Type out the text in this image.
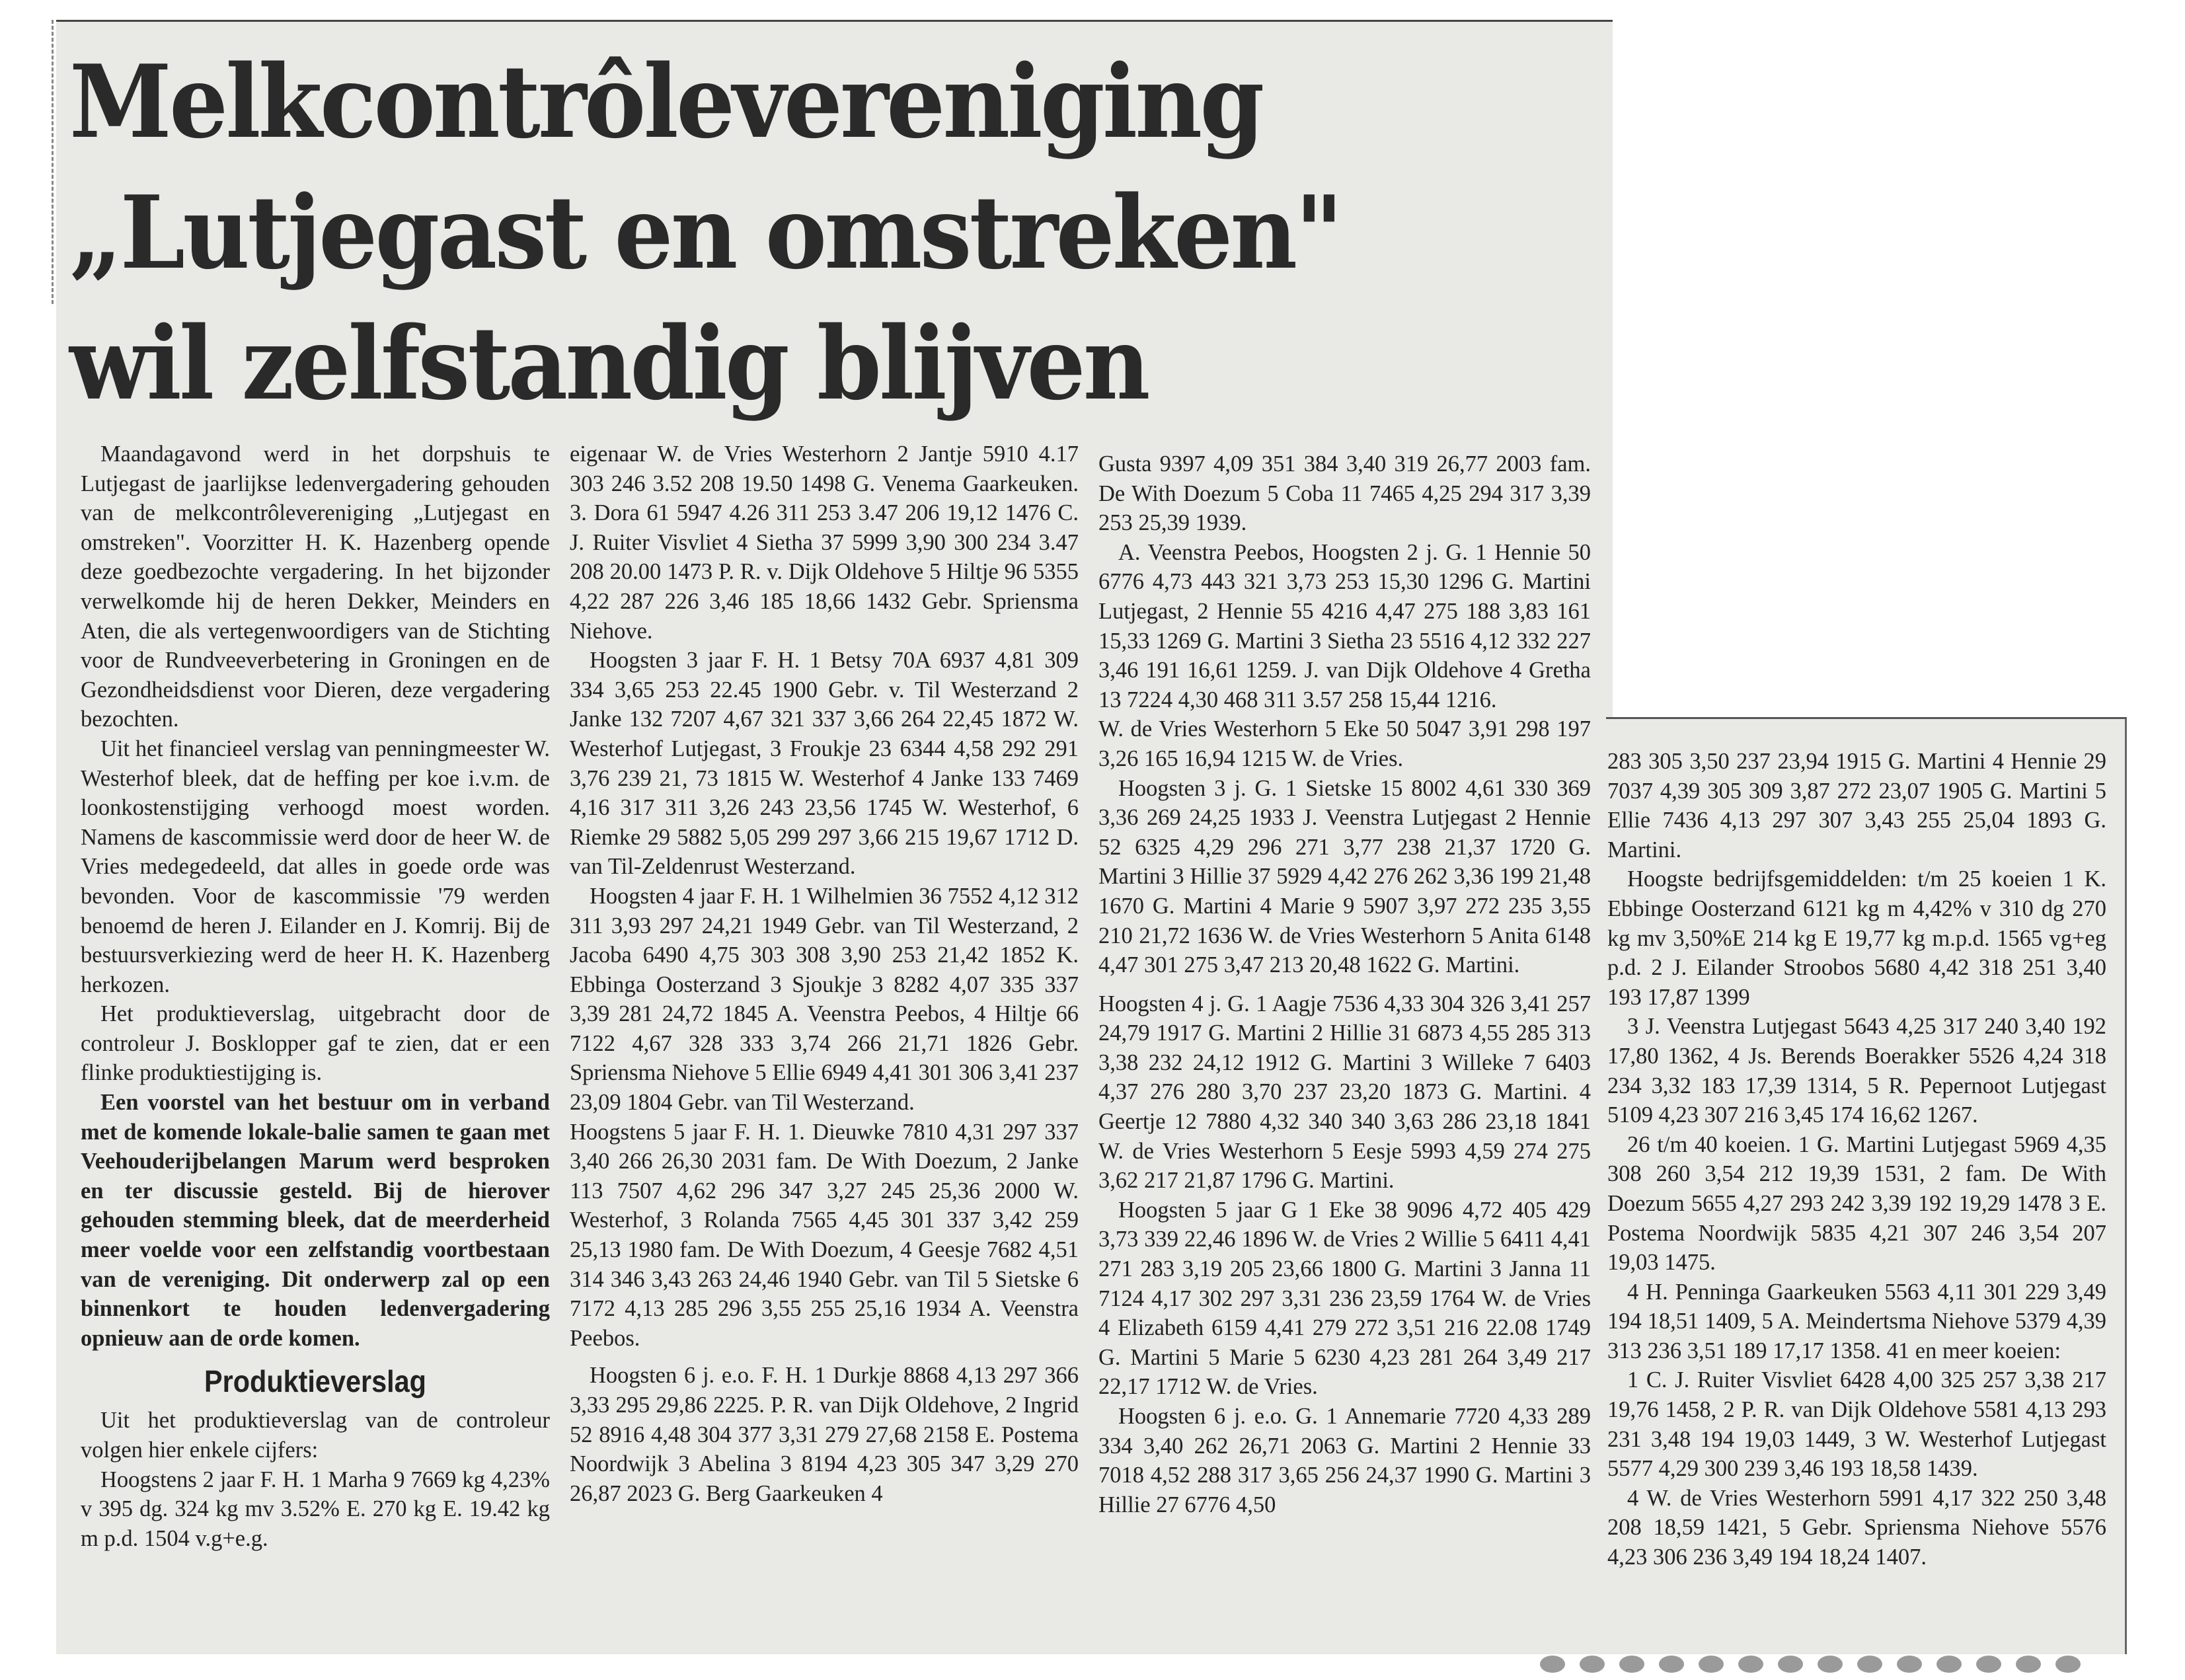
Melkcontrôlevereniging
„Lutjegast en omstreken"
wil zelfstandig blijven

Maandagavond werd in het dorpshuis te Lutjegast de jaarlijkse ledenvergadering gehouden van de melkcontrôlevereniging „Lutjegast en omstreken". Voorzitter H. K. Hazenberg opende deze goedbezochte vergadering. In het bijzonder verwelkomde hij de heren Dekker, Meinders en Aten, die als vertegenwoordigers van de Stichting voor de Rundveeverbetering in Groningen en de Gezondheidsdienst voor Dieren, deze vergadering bezochten.

Uit het financieel verslag van penningmeester W. Westerhof bleek, dat de heffing per koe i.v.m. de loonkostenstijging verhoogd moest worden. Namens de kascommissie werd door de heer W. de Vries medegedeeld, dat alles in goede orde was bevonden. Voor de kascommissie '79 werden benoemd de heren J. Eilander en J. Komrij. Bij de bestuursverkiezing werd de heer H. K. Hazenberg herkozen.

Het produktieverslag, uitgebracht door de controleur J. Bosklopper gaf te zien, dat er een flinke produktiestijging is.

Een voorstel van het bestuur om in verband met de komende lokale-balie samen te gaan met Veehouderijbelangen Marum werd besproken en ter discussie gesteld. Bij de hierover gehouden stemming bleek, dat de meerderheid meer voelde voor een zelfstandig voortbestaan van de vereniging. Dit onderwerp zal op een binnenkort te houden ledenvergadering opnieuw aan de orde komen.

Produktieverslag

Uit het produktieverslag van de controleur volgen hier enkele cijfers:

Hoogstens 2 jaar F. H. 1 Marha 9 7669 kg 4,23% v 395 dg. 324 kg mv 3.52% E. 270 kg E. 19.42 kg m p.d. 1504 v.g+e.g.

eigenaar W. de Vries Westerhorn 2 Jantje 5910 4.17 303 246 3.52 208 19.50 1498 G. Venema Gaarkeuken. 3. Dora 61 5947 4.26 311 253 3.47 206 19,12 1476 C. J. Ruiter Visvliet 4 Sietha 37 5999 3,90 300 234 3.47 208 20.00 1473 P. R. v. Dijk Oldehove 5 Hiltje 96 5355 4,22 287 226 3,46 185 18,66 1432 Gebr. Spriensma Niehove.

Hoogsten 3 jaar F. H. 1 Betsy 70A 6937 4,81 309 334 3,65 253 22.45 1900 Gebr. v. Til Westerzand 2 Janke 132 7207 4,67 321 337 3,66 264 22,45 1872 W. Westerhof Lutjegast, 3 Froukje 23 6344 4,58 292 291 3,76 239 21, 73 1815 W. Westerhof 4 Janke 133 7469 4,16 317 311 3,26 243 23,56 1745 W. Westerhof, 6 Riemke 29 5882 5,05 299 297 3,66 215 19,67 1712 D. van Til-Zeldenrust Westerzand.

Hoogsten 4 jaar F. H. 1 Wilhelmien 36 7552 4,12 312 311 3,93 297 24,21 1949 Gebr. van Til Westerzand, 2 Jacoba 6490 4,75 303 308 3,90 253 21,42 1852 K. Ebbinga Oosterzand 3 Sjoukje 3 8282 4,07 335 337 3,39 281 24,72 1845 A. Veenstra Peebos, 4 Hiltje 66 7122 4,67 328 333 3,74 266 21,71 1826 Gebr. Spriensma Niehove 5 Ellie 6949 4,41 301 306 3,41 237 23,09 1804 Gebr. van Til Westerzand.

Hoogstens 5 jaar F. H. 1. Dieuwke 7810 4,31 297 337 3,40 266 26,30 2031 fam. De With Doezum, 2 Janke 113 7507 4,62 296 347 3,27 245 25,36 2000 W. Westerhof, 3 Rolanda 7565 4,45 301 337 3,42 259 25,13 1980 fam. De With Doezum, 4 Geesje 7682 4,51 314 346 3,43 263 24,46 1940 Gebr. van Til 5 Sietske 6 7172 4,13 285 296 3,55 255 25,16 1934 A. Veenstra Peebos.

Hoogsten 6 j. e.o. F. H. 1 Durkje 8868 4,13 297 366 3,33 295 29,86 2225. P. R. van Dijk Oldehove, 2 Ingrid 52 8916 4,48 304 377 3,31 279 27,68 2158 E. Postema Noordwijk 3 Abelina 3 8194 4,23 305 347 3,29 270 26,87 2023 G. Berg Gaarkeuken 4

Gusta 9397 4,09 351 384 3,40 319 26,77 2003 fam. De With Doezum 5 Coba 11 7465 4,25 294 317 3,39 253 25,39 1939.

A. Veenstra Peebos, Hoogsten 2 j. G. 1 Hennie 50 6776 4,73 443 321 3,73 253 15,30 1296 G. Martini Lutjegast, 2 Hennie 55 4216 4,47 275 188 3,83 161 15,33 1269 G. Martini 3 Sietha 23 5516 4,12 332 227 3,46 191 16,61 1259. J. van Dijk Oldehove 4 Gretha 13 7224 4,30 468 311 3.57 258 15,44 1216.

W. de Vries Westerhorn 5 Eke 50 5047 3,91 298 197 3,26 165 16,94 1215 W. de Vries.

Hoogsten 3 j. G. 1 Sietske 15 8002 4,61 330 369 3,36 269 24,25 1933 J. Veenstra Lutjegast 2 Hennie 52 6325 4,29 296 271 3,77 238 21,37 1720 G. Martini 3 Hillie 37 5929 4,42 276 262 3,36 199 21,48 1670 G. Martini 4 Marie 9 5907 3,97 272 235 3,55 210 21,72 1636 W. de Vries Westerhorn 5 Anita 6148 4,47 301 275 3,47 213 20,48 1622 G. Martini.

Hoogsten 4 j. G. 1 Aagje 7536 4,33 304 326 3,41 257 24,79 1917 G. Martini 2 Hillie 31 6873 4,55 285 313 3,38 232 24,12 1912 G. Martini 3 Willeke 7 6403 4,37 276 280 3,70 237 23,20 1873 G. Martini. 4 Geertje 12 7880 4,32 340 340 3,63 286 23,18 1841 W. de Vries Westerhorn 5 Eesje 5993 4,59 274 275 3,62 217 21,87 1796 G. Martini.

Hoogsten 5 jaar G 1 Eke 38 9096 4,72 405 429 3,73 339 22,46 1896 W. de Vries 2 Willie 5 6411 4,41 271 283 3,19 205 23,66 1800 G. Martini 3 Janna 11 7124 4,17 302 297 3,31 236 23,59 1764 W. de Vries 4 Elizabeth 6159 4,41 279 272 3,51 216 22.08 1749 G. Martini 5 Marie 5 6230 4,23 281 264 3,49 217 22,17 1712 W. de Vries.

Hoogsten 6 j. e.o. G. 1 Annemarie 7720 4,33 289 334 3,40 262 26,71 2063 G. Martini 2 Hennie 33 7018 4,52 288 317 3,65 256 24,37 1990 G. Martini 3 Hillie 27 6776 4,50

283 305 3,50 237 23,94 1915 G. Martini 4 Hennie 29 7037 4,39 305 309 3,87 272 23,07 1905 G. Martini 5 Ellie 7436 4,13 297 307 3,43 255 25,04 1893 G. Martini.

Hoogste bedrijfsgemiddelden: t/m 25 koeien 1 K. Ebbinge Oosterzand 6121 kg m 4,42% v 310 dg 270 kg mv 3,50%E 214 kg E 19,77 kg m.p.d. 1565 vg+eg p.d. 2 J. Eilander Stroobos 5680 4,42 318 251 3,40 193 17,87 1399

3 J. Veenstra Lutjegast 5643 4,25 317 240 3,40 192 17,80 1362, 4 Js. Berends Boerakker 5526 4,24 318 234 3,32 183 17,39 1314, 5 R. Pepernoot Lutjegast 5109 4,23 307 216 3,45 174 16,62 1267.

26 t/m 40 koeien. 1 G. Martini Lutjegast 5969 4,35 308 260 3,54 212 19,39 1531, 2 fam. De With Doezum 5655 4,27 293 242 3,39 192 19,29 1478 3 E. Postema Noordwijk 5835 4,21 307 246 3,54 207 19,03 1475.

4 H. Penninga Gaarkeuken 5563 4,11 301 229 3,49 194 18,51 1409, 5 A. Meindertsma Niehove 5379 4,39 313 236 3,51 189 17,17 1358. 41 en meer koeien:

1 C. J. Ruiter Visvliet 6428 4,00 325 257 3,38 217 19,76 1458, 2 P. R. van Dijk Oldehove 5581 4,13 293 231 3,48 194 19,03 1449, 3 W. Westerhof Lutjegast 5577 4,29 300 239 3,46 193 18,58 1439.

4 W. de Vries Westerhorn 5991 4,17 322 250 3,48 208 18,59 1421, 5 Gebr. Spriensma Niehove 5576 4,23 306 236 3,49 194 18,24 1407.
